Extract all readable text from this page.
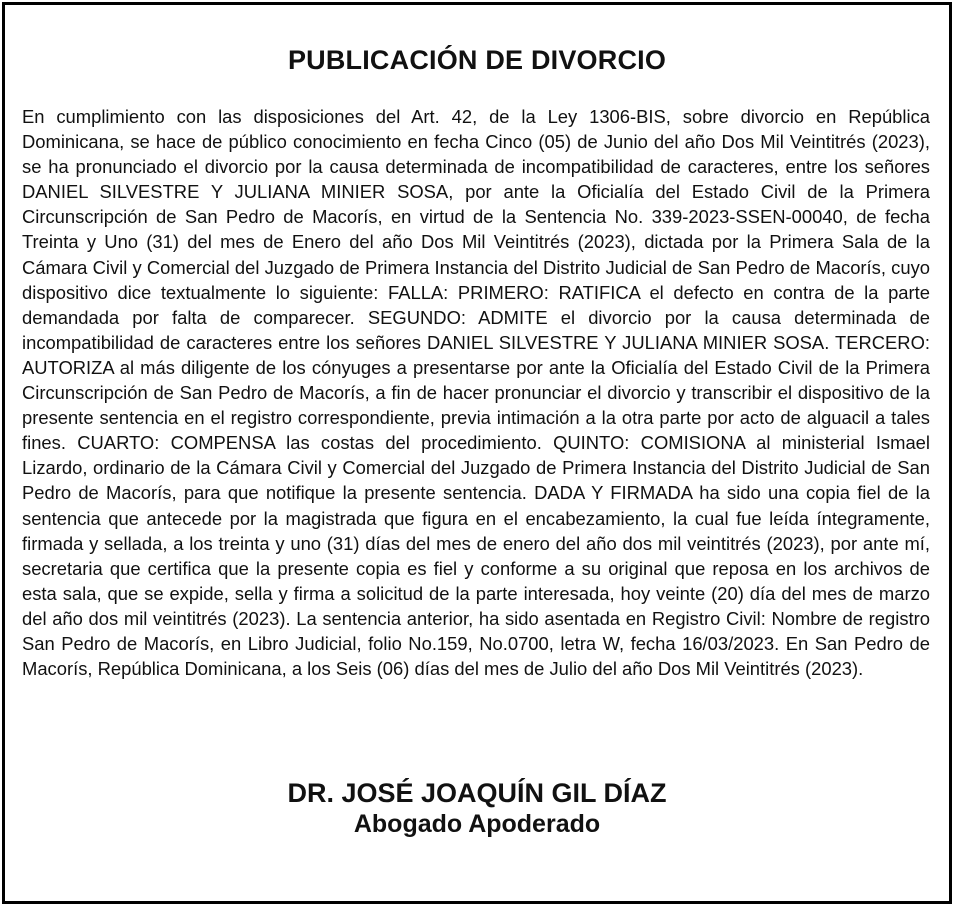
PUBLICACIÓN DE DIVORCIO

En cumplimiento con las disposiciones del Art. 42, de la Ley 1306-BIS, sobre divorcio en República Dominicana, se hace de público conocimiento en fecha Cinco (05) de Junio del año Dos Mil Veintitrés (2023), se ha pronunciado el divorcio por la causa determinada de incompatibilidad de caracteres, entre los señores DANIEL SILVESTRE Y JULIANA MINIER SOSA, por ante la Oficialía del Estado Civil de la Primera Circunscripción de San Pedro de Macorís, en virtud de la Sentencia No. 339-2023-SSEN-00040, de fecha Treinta y Uno (31) del mes de Enero del año Dos Mil Veintitrés (2023), dictada por la Primera Sala de la Cámara Civil y Comercial del Juzgado de Primera Instancia del Distrito Judicial de San Pedro de Macorís, cuyo dispositivo dice textualmente lo siguiente: FALLA: PRIMERO: RATIFICA el defecto en contra de la parte demandada por falta de comparecer. SEGUNDO: ADMITE el divorcio por la causa determinada de incompatibilidad de caracteres entre los señores DANIEL SILVESTRE Y JULIANA MINIER SOSA. TERCERO: AUTORIZA al más diligente de los cónyuges a presentarse por ante la Oficialía del Estado Civil de la Primera Circunscripción de San Pedro de Macorís, a fin de hacer pronunciar el divorcio y transcribir el dispositivo de la presente sentencia en el registro correspondiente, previa intimación a la otra parte por acto de alguacil a tales fines. CUARTO: COMPENSA las costas del procedimiento. QUINTO: COMISIONA al ministerial Ismael Lizardo, ordinario de la Cámara Civil y Comercial del Juzgado de Primera Instancia del Distrito Judicial de San Pedro de Macorís, para que notifique la presente sentencia. DADA Y FIRMADA ha sido una copia fiel de la sentencia que antecede por la magistrada que figura en el encabezamiento, la cual fue leída íntegramente, firmada y sellada, a los treinta y uno (31) días del mes de enero del año dos mil veintitrés (2023), por ante mí, secretaria que certifica que la presente copia es fiel y conforme a su original que reposa en los archivos de esta sala, que se expide, sella y firma a solicitud de la parte interesada, hoy veinte (20) día del mes de marzo del año dos mil veintitrés (2023). La sentencia anterior, ha sido asentada en Registro Civil: Nombre de registro San Pedro de Macorís, en Libro Judicial, folio No.159, No.0700, letra W, fecha 16/03/2023. En San Pedro de Macorís, República Dominicana, a los Seis (06) días del mes de Julio del año Dos Mil Veintitrés (2023).

DR. JOSÉ JOAQUÍN GIL DÍAZ

Abogado Apoderado
